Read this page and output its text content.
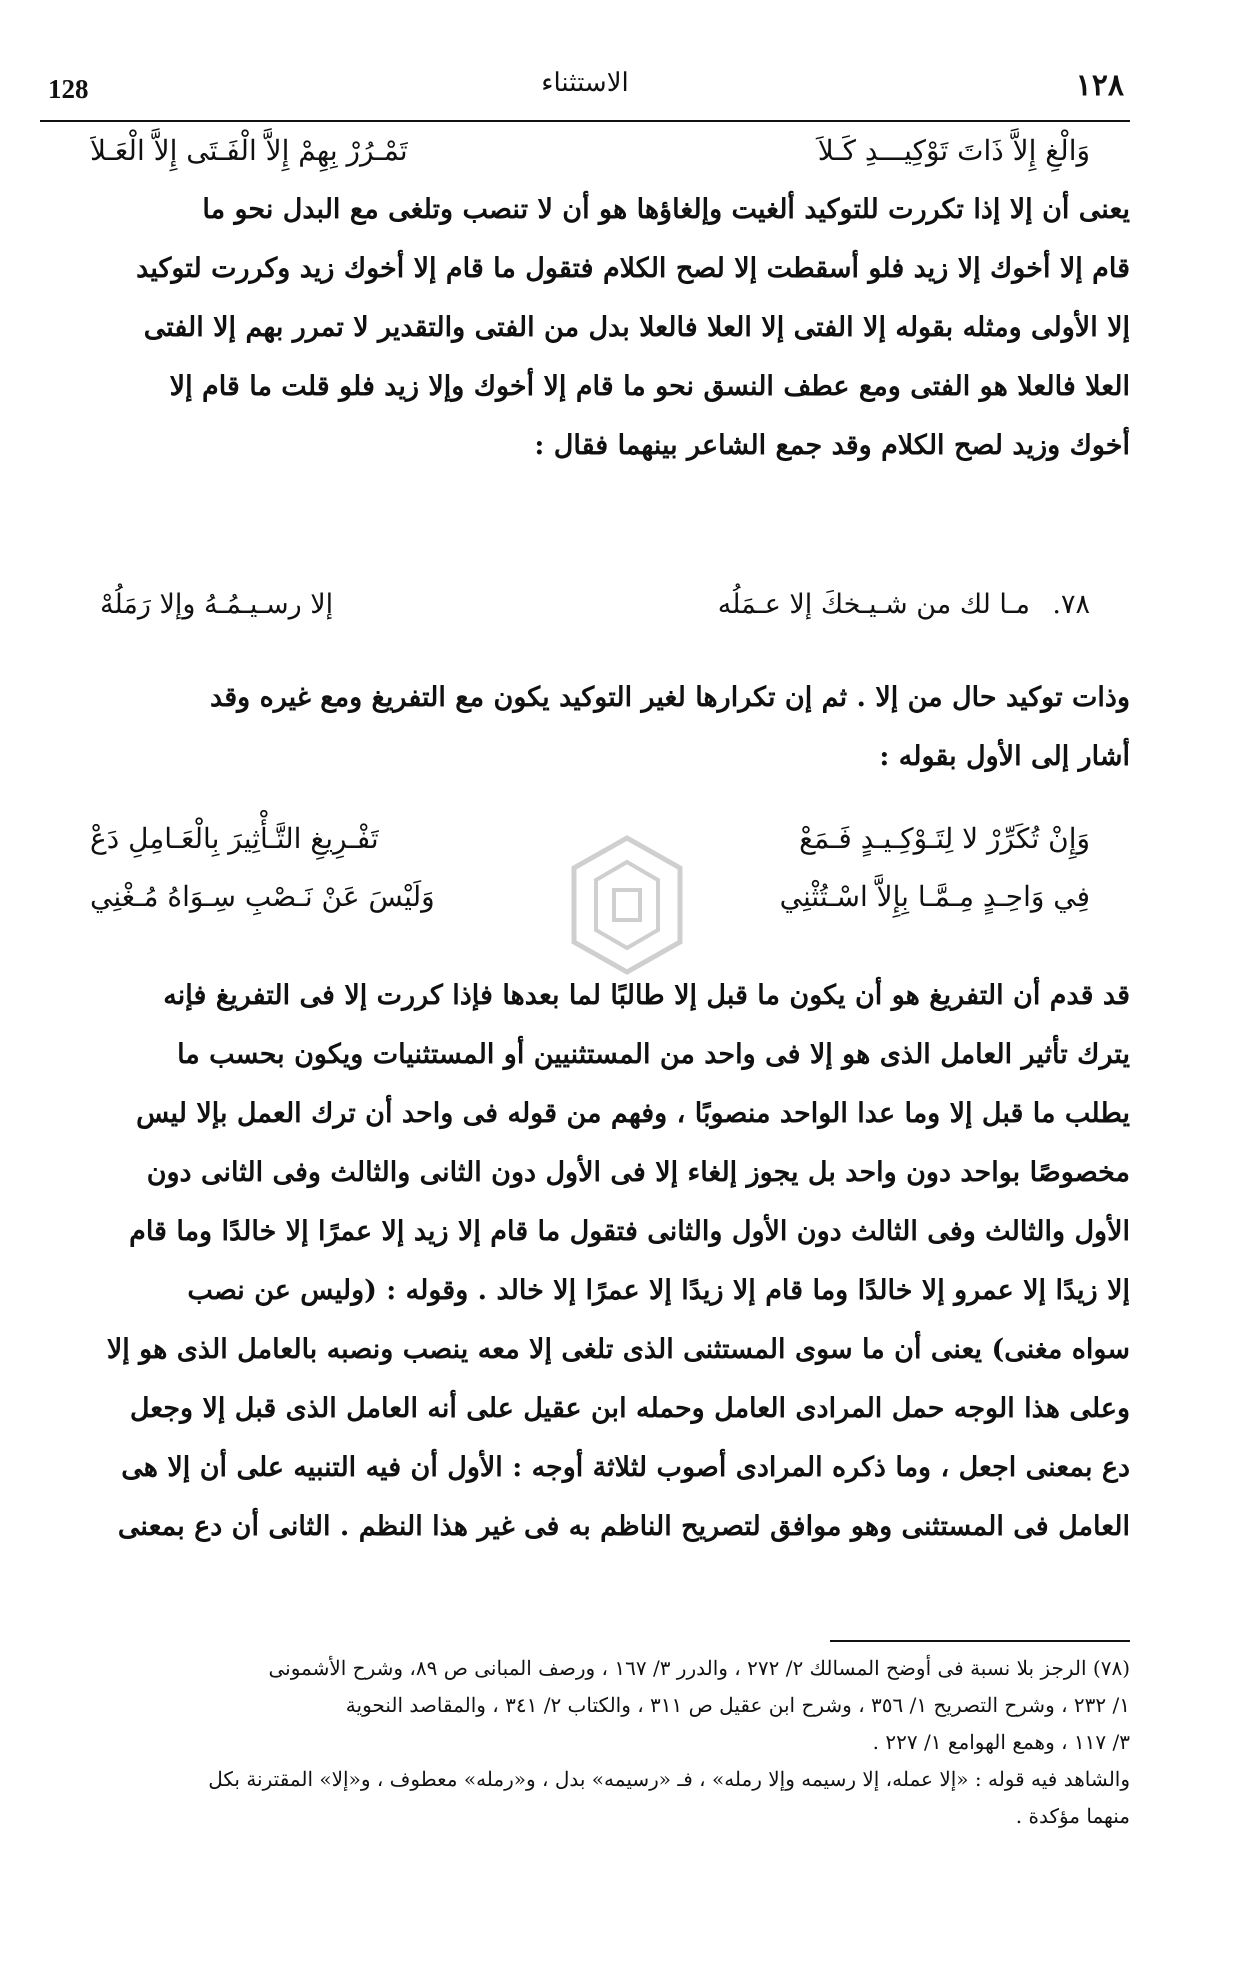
128	الاستثناء	١٢٨
وَالْغِ إِلاَّ ذَاتَ تَوْكِيـــدِ كَـلاَ
تَمْـرُرْ بِهِمْ إِلاَّ الْفَـتَى إِلاَّ الْعَـلاَ
يعنى أن إلا إذا تكررت للتوكيد ألغيت وإلغاؤها هو أن لا تنصب وتلغى مع البدل نحو ما
قام إلا أخوك إلا زيد فلو أسقطت إلا لصح الكلام فتقول ما قام إلا أخوك زيد وكررت لتوكيد
إلا الأولى ومثله بقوله إلا الفتى إلا العلا فالعلا بدل من الفتى والتقدير لا تمرر بهم إلا الفتى
العلا فالعلا هو الفتى ومع عطف النسق نحو ما قام إلا أخوك وإلا زيد فلو قلت ما قام إلا
أخوك وزيد لصح الكلام وقد جمع الشاعر بينهما فقال :
٧٨.
مـا لك من شـيـخكَ إلا عـمَلُه
إلا رسـيـمُـهُ وإلا رَمَلُهْ
وذات توكيد حال من إلا . ثم إن تكرارها لغير التوكيد يكون مع التفريغ ومع غيره وقد
أشار إلى الأول بقوله :
وَإِنْ تُكَرِّرْ لا لِتَـوْكِـيـدٍ فَـمَعْ
تَفْـرِيغِ التَّـأْثِيرَ بِالْعَـامِلِ دَعْ
فِي وَاحِـدٍ مِـمَّـا بِإِلاَّ اسْـتُثْنِي
وَلَيْسَ عَنْ نَـصْبِ سِـوَاهُ مُـغْنِي
قد قدم أن التفريغ هو أن يكون ما قبل إلا طالبًا لما بعدها فإذا كررت إلا فى التفريغ فإنه
يترك تأثير العامل الذى هو إلا فى واحد من المستثنيين أو المستثنيات ويكون بحسب ما
يطلب ما قبل إلا وما عدا الواحد منصوبًا ، وفهم من قوله فى واحد أن ترك العمل بإلا ليس
مخصوصًا بواحد دون واحد بل يجوز إلغاء إلا فى الأول دون الثانى والثالث وفى الثانى دون
الأول والثالث وفى الثالث دون الأول والثانى فتقول ما قام إلا زيد إلا عمرًا إلا خالدًا وما قام
إلا زيدًا إلا عمرو إلا خالدًا وما قام إلا زيدًا إلا عمرًا إلا خالد . وقوله : (وليس عن نصب
سواه مغنى) يعنى أن ما سوى المستثنى الذى تلغى إلا معه ينصب ونصبه بالعامل الذى هو إلا
وعلى هذا الوجه حمل المرادى العامل وحمله ابن عقيل على أنه العامل الذى قبل إلا وجعل
دع بمعنى اجعل ، وما ذكره المرادى أصوب لثلاثة أوجه : الأول أن فيه التنبيه على أن إلا هى
العامل فى المستثنى وهو موافق لتصريح الناظم به فى غير هذا النظم . الثانى أن دع بمعنى
(٧٨) الرجز بلا نسبة فى أوضح المسالك ٢/ ٢٧٢ ، والدرر ٣/ ١٦٧ ، ورصف المبانى ص ٨٩، وشرح الأشمونى
١/ ٢٣٢ ، وشرح التصريح ١/ ٣٥٦ ، وشرح ابن عقيل ص ٣١١ ، والكتاب ٢/ ٣٤١ ، والمقاصد النحوية
٣/ ١١٧ ، وهمع الهوامع ١/ ٢٢٧ .
والشاهد فيه قوله : «إلا عمله، إلا رسيمه وإلا رمله» ، فـ «رسيمه» بدل ، و«رمله» معطوف ، و«إلا» المقترنة بكل
منهما مؤكدة .
